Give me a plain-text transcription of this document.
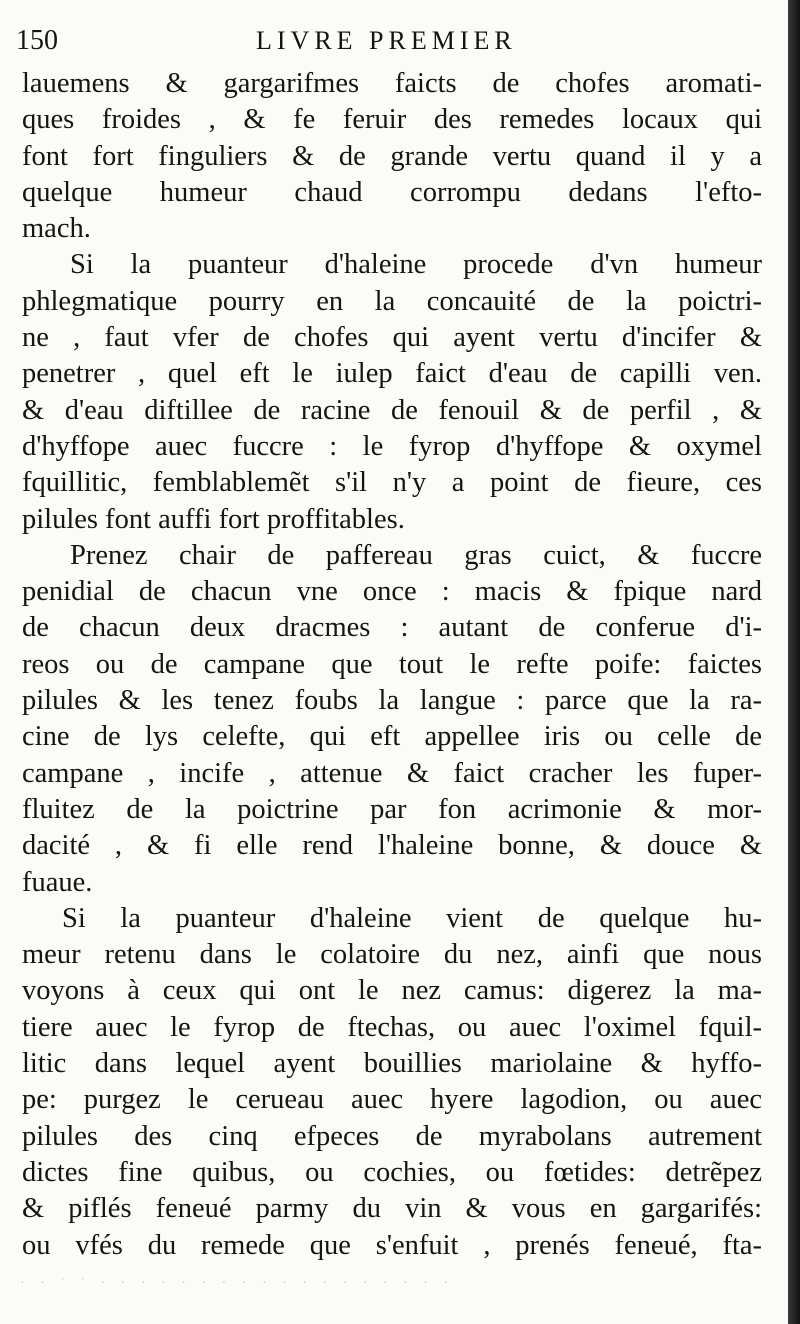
150	LIVRE PREMIER
lauemens & gargarifmes faicts de chofes aromati-
ques froides , & fe feruir des remedes locaux qui
font fort finguliers & de grande vertu quand il y a
quelque humeur chaud corrompu dedans l'efto-
mach.
Si la puanteur d'haleine procede d'vn humeur
phlegmatique pourry en la concauité de la poictri-
ne , faut vfer de chofes qui ayent vertu d'incifer &
penetrer , quel eft le iulep faict d'eau de capilli ven.
& d'eau diftillee de racine de fenouil & de perfil , &
d'hyffope auec fuccre : le fyrop d'hyffope & oxymel
fquillitic, femblablemẽt s'il n'y a point de fieure, ces
pilules font auffi fort proffitables.
Prenez chair de paffereau gras cuict, & fuccre
penidial de chacun vne once : macis & fpique nard
de chacun deux dracmes : autant de conferue d'i-
reos ou de campane que tout le refte poife: faictes
pilules & les tenez foubs la langue : parce que la ra-
cine de lys celefte, qui eft appellee iris ou celle de
campane , incife , attenue & faict cracher les fuper-
fluitez de la poictrine par fon acrimonie & mor-
dacité , & fi elle rend l'haleine bonne, & douce &
fuaue.
Si la puanteur d'haleine vient de quelque hu-
meur retenu dans le colatoire du nez, ainfi que nous
voyons à ceux qui ont le nez camus: digerez la ma-
tiere auec le fyrop de ftechas, ou auec l'oximel fquil-
litic dans lequel ayent bouillies mariolaine & hyffo-
pe: purgez le cerueau auec hyere lagodion, ou auec
pilules des cinq efpeces de myrabolans autrement
dictes fine quibus, ou cochies, ou fœtides: detrẽpez
& piflés feneué parmy du vin & vous en gargarifés:
ou vfés du remede que s'enfuit , prenés feneué, fta-
· · ˙ ˙ · · · · · · · · · · · · · · · · · ·
